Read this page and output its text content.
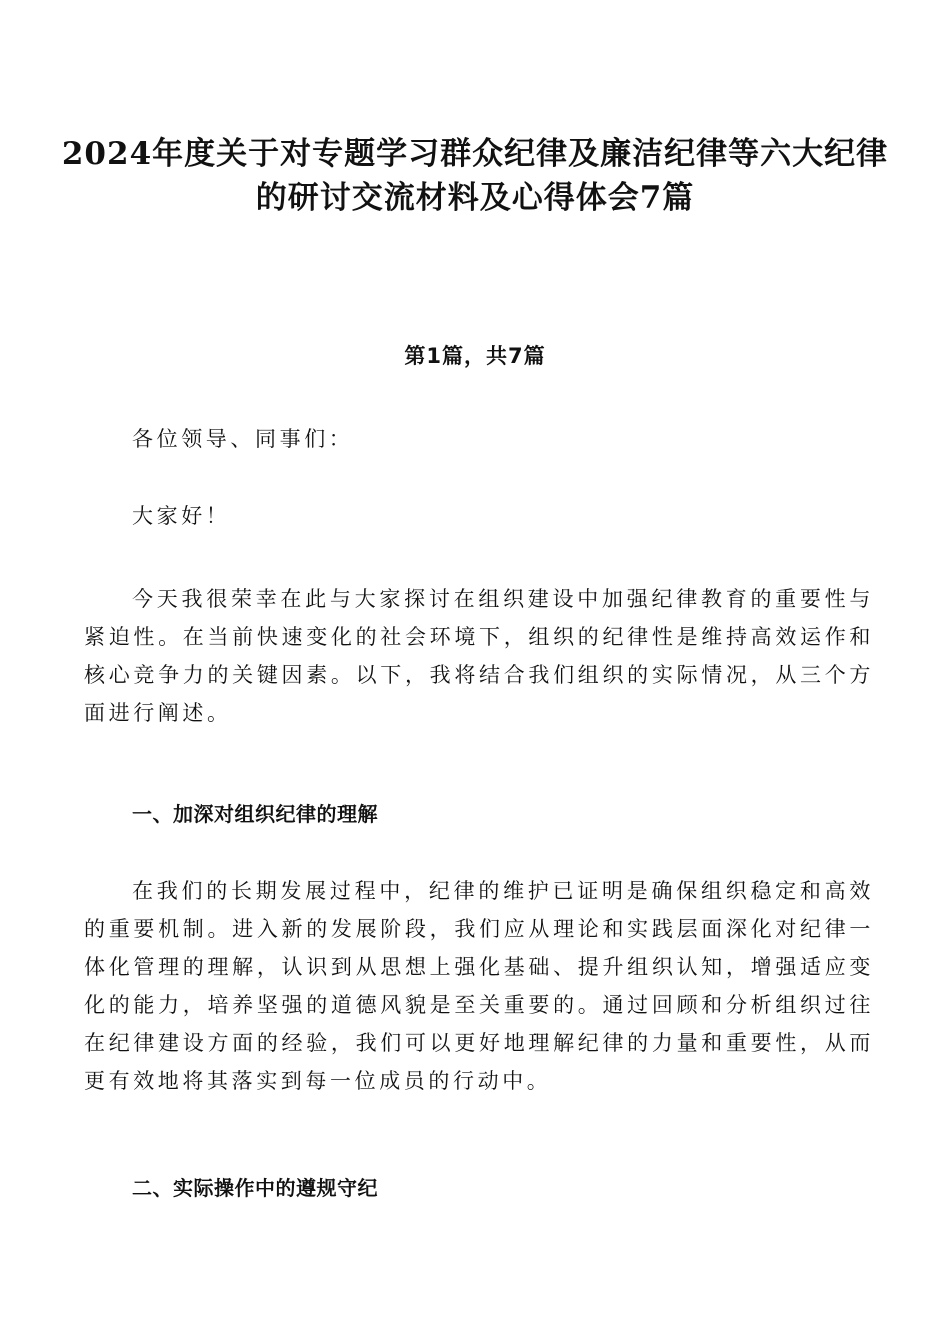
2024年度关于对专题学习群众纪律及廉洁纪律等六大纪律的研讨交流材料及心得体会7篇
第1篇，共7篇

各位领导、同事们：

大家好！

今天我很荣幸在此与大家探讨在组织建设中加强纪律教育的重要性与紧迫性。在当前快速变化的社会环境下，组织的纪律性是维持高效运作和核心竞争力的关键因素。以下，我将结合我们组织的实际情况，从三个方面进行阐述。

一、加深对组织纪律的理解

在我们的长期发展过程中，纪律的维护已证明是确保组织稳定和高效的重要机制。进入新的发展阶段，我们应从理论和实践层面深化对纪律一体化管理的理解，认识到从思想上强化基础、提升组织认知，增强适应变化的能力，培养坚强的道德风貌是至关重要的。通过回顾和分析组织过往在纪律建设方面的经验，我们可以更好地理解纪律的力量和重要性，从而更有效地将其落实到每一位成员的行动中。

二、实际操作中的遵规守纪
